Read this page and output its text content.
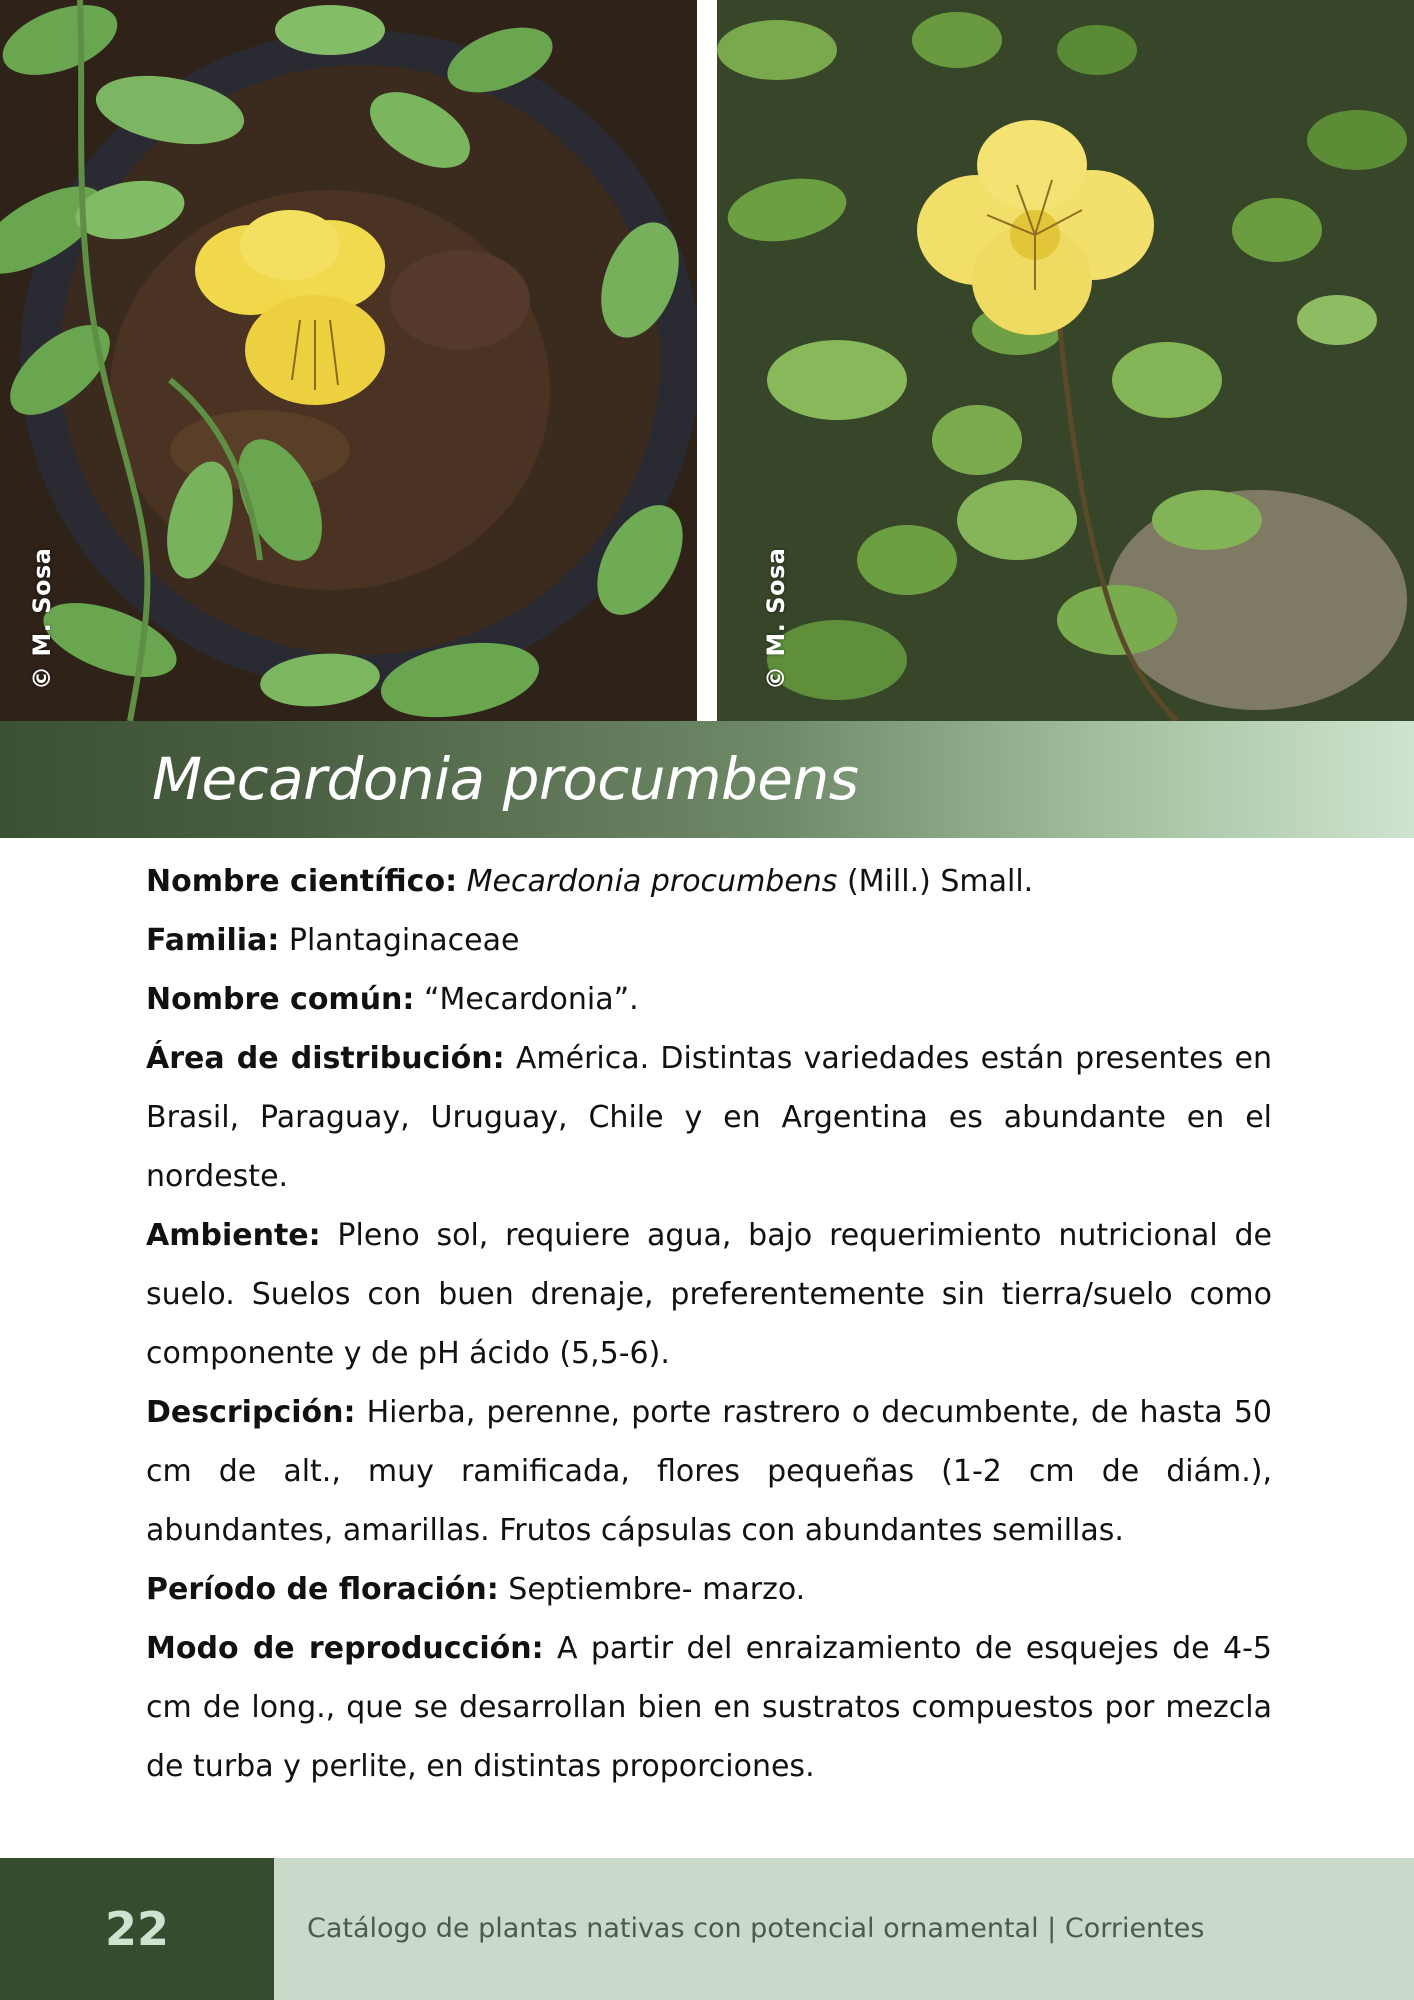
© M. Sosa	© M. Sosa
Mecardonia procumbens

Nombre científico: Mecardonia procumbens (Mill.) Small.

Familia: Plantaginaceae

Nombre común: “Mecardonia”.

Área de distribución: América. Distintas variedades están presentes en Brasil, Paraguay, Uruguay, Chile y en Argentina es abundante en el nordeste.

Ambiente: Pleno sol, requiere agua, bajo requerimiento nutricional de suelo. Suelos con buen drenaje, preferentemente sin tierra/suelo como componente y de pH ácido (5,5-6).

Descripción: Hierba, perenne, porte rastrero o decumbente, de hasta 50 cm de alt., muy ramificada, flores pequeñas (1-2 cm de diám.), abundantes, amarillas. Frutos cápsulas con abundantes semillas.

Período de floración: Septiembre- marzo.

Modo de reproducción: A partir del enraizamiento de esquejes de 4-5 cm de long., que se desarrollan bien en sustratos compuestos por mezcla de turba y perlite, en distintas proporciones.

22	Catálogo de plantas nativas con potencial ornamental | Corrientes
